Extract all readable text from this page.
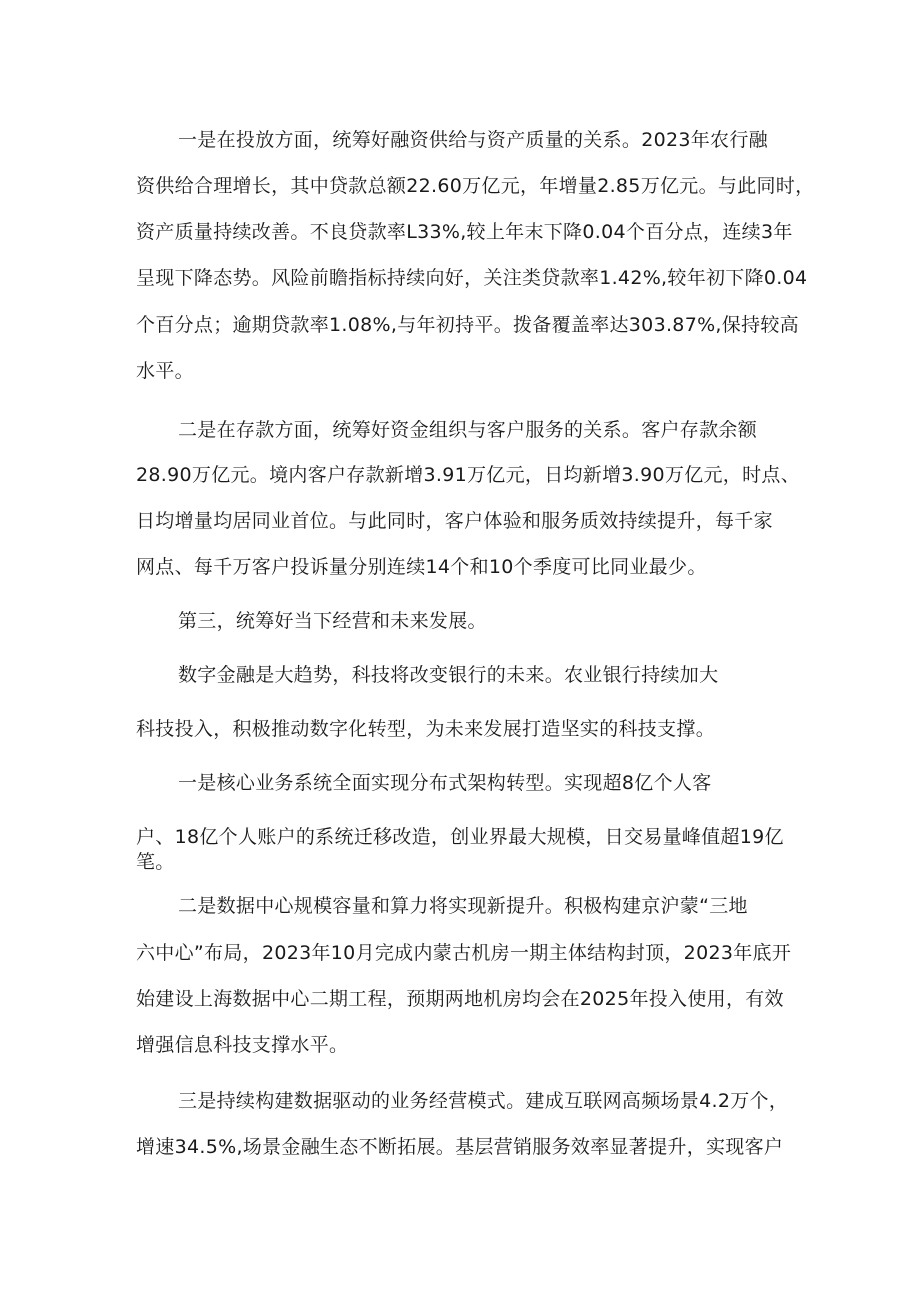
一是在投放方面，统筹好融资供给与资产质量的关系。2023年农行融
资供给合理增长，其中贷款总额22.60万亿元，年增量2.85万亿元。与此同时，
资产质量持续改善。不良贷款率L33%,较上年末下降0.04个百分点，连续3年
呈现下降态势。风险前瞻指标持续向好，关注类贷款率1.42%,较年初下降0.04
个百分点；逾期贷款率1.08%,与年初持平。拨备覆盖率达303.87%,保持较高
水平。
二是在存款方面，统筹好资金组织与客户服务的关系。客户存款余额
28.90万亿元。境内客户存款新增3.91万亿元，日均新增3.90万亿元，时点、
日均增量均居同业首位。与此同时，客户体验和服务质效持续提升，每千家
网点、每千万客户投诉量分别连续14个和10个季度可比同业最少。
第三，统筹好当下经营和未来发展。
数字金融是大趋势，科技将改变银行的未来。农业银行持续加大
科技投入，积极推动数字化转型，为未来发展打造坚实的科技支撑。
一是核心业务系统全面实现分布式架构转型。实现超8亿个人客
户、18亿个人账户的系统迁移改造，创业界最大规模，日交易量峰值超19亿
笔。
二是数据中心规模容量和算力将实现新提升。积极构建京沪蒙“三地
六中心”布局，2023年10月完成内蒙古机房一期主体结构封顶，2023年底开
始建设上海数据中心二期工程，预期两地机房均会在2025年投入使用，有效
增强信息科技支撑水平。
三是持续构建数据驱动的业务经营模式。建成互联网高频场景4.2万个，
增速34.5%,场景金融生态不断拓展。基层营销服务效率显著提升，实现客户
